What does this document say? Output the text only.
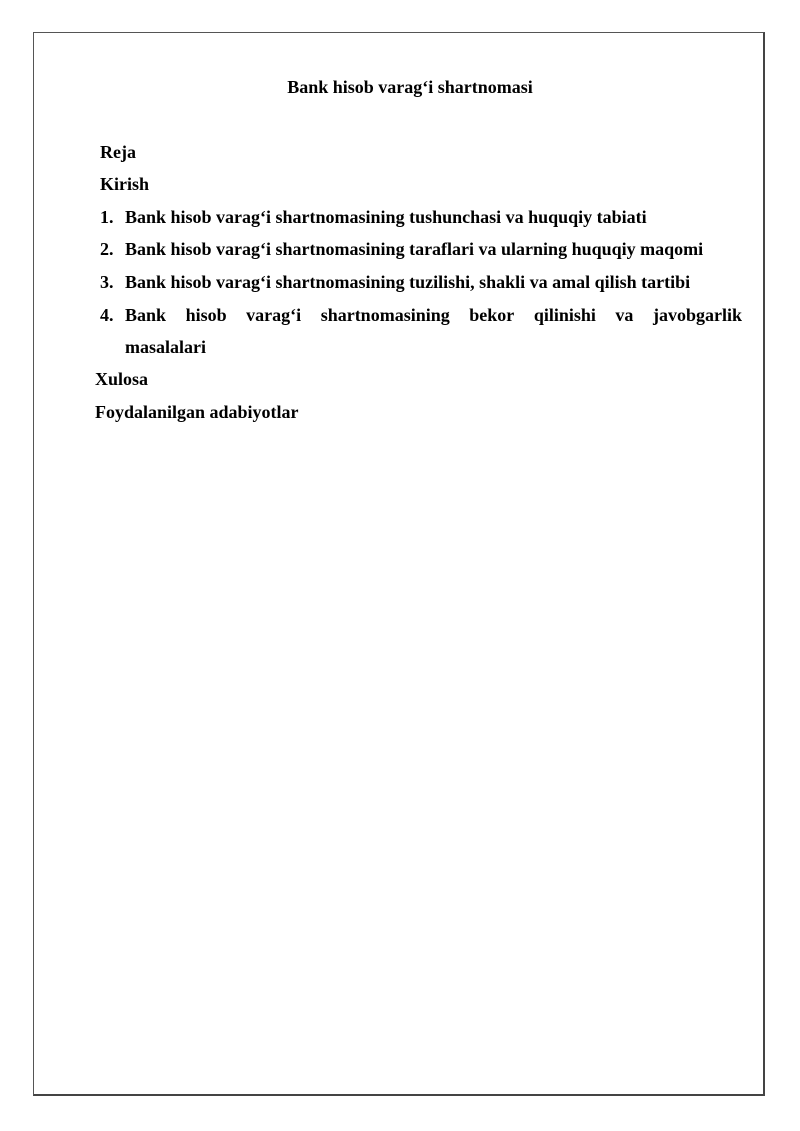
Bank hisob varag‘i shartnomasi
Reja
Kirish
1. Bank hisob varag‘i shartnomasining tushunchasi va huquqiy tabiati
2. Bank hisob varag‘i shartnomasining taraflari va ularning huquqiy maqomi
3. Bank hisob varag‘i shartnomasining tuzilishi, shakli va amal qilish tartibi
4. Bank hisob varag‘i shartnomasining bekor qilinishi va javobgarlik
masalalari
Xulosa
Foydalanilgan adabiyotlar
